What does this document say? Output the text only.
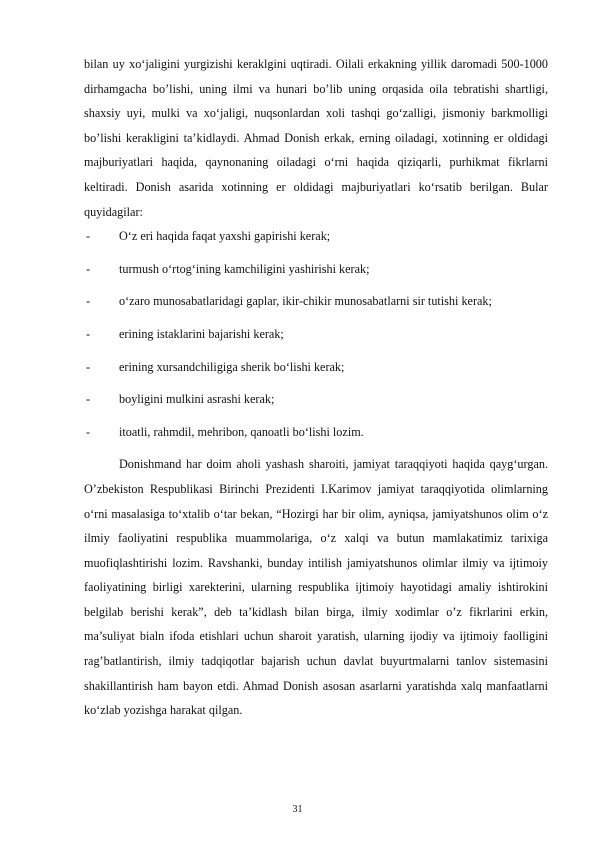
bilan uy xo‘jaligini yurgizishi keraklgini uqtiradi. Oilali erkakning yillik daromadi 500-1000 dirhamgacha bo’lishi, uning ilmi va hunari bo’lib uning orqasida oila tebratishi shartligi, shaxsiy uyi, mulki va xo‘jaligi, nuqsonlardan xoli tashqi go‘zalligi, jismoniy barkmolligi bo’lishi kerakligini ta’kidlaydi. Ahmad Donish erkak, erning oiladagi, xotinning er oldidagi majburiyatlari haqida, qaynonaning oiladagi o‘rni haqida qiziqarli, purhikmat fikrlarni keltiradi. Donish asarida xotinning er oldidagi majburiyatlari ko‘rsatib berilgan. Bular quyidagilar:

- O‘z eri haqida faqat yaxshi gapirishi kerak;
- turmush o‘rtog‘ining kamchiligini yashirishi kerak;
- o‘zaro munosabatlaridagi gaplar, ikir-chikir munosabatlarni sir tutishi kerak;
- erining istaklarini bajarishi kerak;
- erining xursandchiligiga sherik bo‘lishi kerak;
- boyligini mulkini asrashi kerak;
- itoatli, rahmdil, mehribon, qanoatli bo‘lishi lozim.

Donishmand har doim aholi yashash sharoiti, jamiyat taraqqiyoti haqida qayg‘urgan. O’zbekiston Respublikasi Birinchi Prezidenti I.Karimov jamiyat taraqqiyotida olimlarning o‘rni masalasiga to‘xtalib o‘tar bekan, “Hozirgi har bir olim, ayniqsa, jamiyatshunos olim o‘z ilmiy faoliyatini respublika muammolariga, o‘z xalqi va butun mamlakatimiz tarixiga muofiqlashtirishi lozim. Ravshanki, bunday intilish jamiyatshunos olimlar ilmiy va ijtimoiy faoliyatining birligi xarekterini, ularning respublika ijtimoiy hayotidagi amaliy ishtirokini belgilab berishi kerak”, deb ta’kidlash bilan birga, ilmiy xodimlar o’z fikrlarini erkin, ma’suliyat bialn ifoda etishlari uchun sharoit yaratish, ularning ijodiy va ijtimoiy faolligini rag’batlantirish, ilmiy tadqiqotlar bajarish uchun davlat buyurtmalarni tanlov sistemasini shakillantirish ham bayon etdi. Ahmad Donish asosan asarlarni yaratishda xalq manfaatlarni ko‘zlab yozishga harakat qilgan.

31
